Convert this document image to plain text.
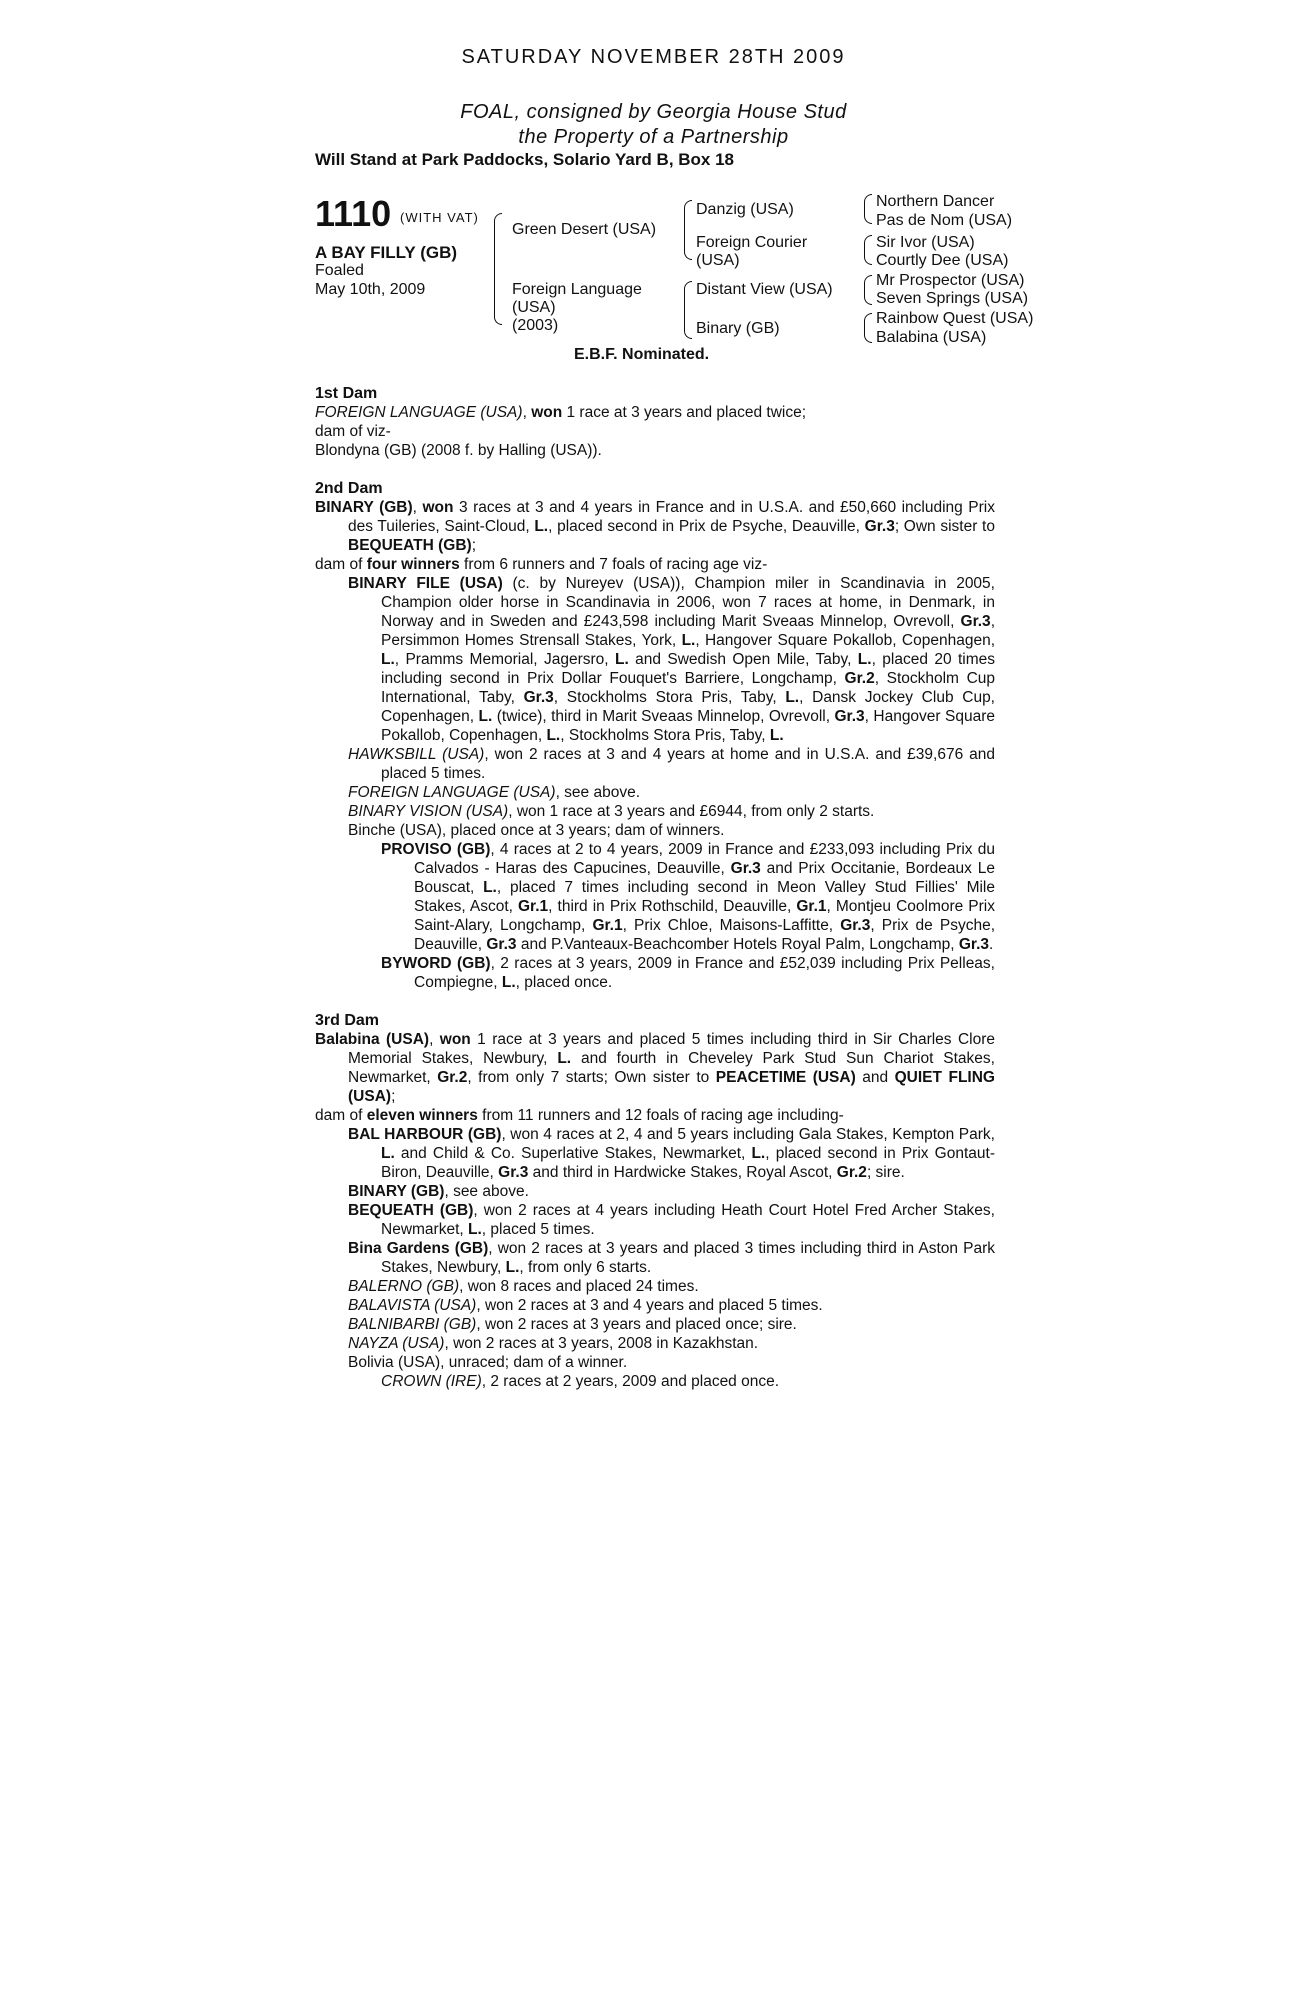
SATURDAY NOVEMBER 28TH 2009
FOAL, consigned by Georgia House Stud
the Property of a Partnership
Will Stand at Park Paddocks, Solario Yard B, Box 18
1110 (WITH VAT)
A BAY FILLY (GB)
Foaled
May 10th, 2009
Green Desert (USA)
Foreign Language
(USA)
(2003)
Danzig (USA)
Foreign Courier
(USA)
Distant View (USA)
Binary (GB)
Northern Dancer
Pas de Nom (USA)
Sir Ivor (USA)
Courtly Dee (USA)
Mr Prospector (USA)
Seven Springs (USA)
Rainbow Quest (USA)
Balabina (USA)
E.B.F. Nominated.
1st Dam

FOREIGN LANGUAGE (USA), won 1 race at 3 years and placed twice;

dam of viz-

Blondyna (GB) (2008 f. by Halling (USA)).

2nd Dam

BINARY (GB), won 3 races at 3 and 4 years in France and in U.S.A. and £50,660 including Prix des Tuileries, Saint-Cloud, L., placed second in Prix de Psyche, Deauville, Gr.3; Own sister to BEQUEATH (GB);

dam of four winners from 6 runners and 7 foals of racing age viz-

BINARY FILE (USA) (c. by Nureyev (USA)), Champion miler in Scandinavia in 2005, Champion older horse in Scandinavia in 2006, won 7 races at home, in Denmark, in Norway and in Sweden and £243,598 including Marit Sveaas Minnelop, Ovrevoll, Gr.3, Persimmon Homes Strensall Stakes, York, L., Hangover Square Pokallob, Copenhagen, L., Pramms Memorial, Jagersro, L. and Swedish Open Mile, Taby, L., placed 20 times including second in Prix Dollar Fouquet's Barriere, Longchamp, Gr.2, Stockholm Cup International, Taby, Gr.3, Stockholms Stora Pris, Taby, L., Dansk Jockey Club Cup, Copenhagen, L. (twice), third in Marit Sveaas Minnelop, Ovrevoll, Gr.3, Hangover Square Pokallob, Copenhagen, L., Stockholms Stora Pris, Taby, L.

HAWKSBILL (USA), won 2 races at 3 and 4 years at home and in U.S.A. and £39,676 and placed 5 times.

FOREIGN LANGUAGE (USA), see above.

BINARY VISION (USA), won 1 race at 3 years and £6944, from only 2 starts.

Binche (USA), placed once at 3 years; dam of winners.

PROVISO (GB), 4 races at 2 to 4 years, 2009 in France and £233,093 including Prix du Calvados - Haras des Capucines, Deauville, Gr.3 and Prix Occitanie, Bordeaux Le Bouscat, L., placed 7 times including second in Meon Valley Stud Fillies' Mile Stakes, Ascot, Gr.1, third in Prix Rothschild, Deauville, Gr.1, Montjeu Coolmore Prix Saint-Alary, Longchamp, Gr.1, Prix Chloe, Maisons-Laffitte, Gr.3, Prix de Psyche, Deauville, Gr.3 and P.Vanteaux-Beachcomber Hotels Royal Palm, Longchamp, Gr.3.

BYWORD (GB), 2 races at 3 years, 2009 in France and £52,039 including Prix Pelleas, Compiegne, L., placed once.

3rd Dam

Balabina (USA), won 1 race at 3 years and placed 5 times including third in Sir Charles Clore Memorial Stakes, Newbury, L. and fourth in Cheveley Park Stud Sun Chariot Stakes, Newmarket, Gr.2, from only 7 starts; Own sister to PEACETIME (USA) and QUIET FLING (USA);

dam of eleven winners from 11 runners and 12 foals of racing age including-

BAL HARBOUR (GB), won 4 races at 2, 4 and 5 years including Gala Stakes, Kempton Park, L. and Child & Co. Superlative Stakes, Newmarket, L., placed second in Prix Gontaut-Biron, Deauville, Gr.3 and third in Hardwicke Stakes, Royal Ascot, Gr.2; sire.

BINARY (GB), see above.

BEQUEATH (GB), won 2 races at 4 years including Heath Court Hotel Fred Archer Stakes, Newmarket, L., placed 5 times.

Bina Gardens (GB), won 2 races at 3 years and placed 3 times including third in Aston Park Stakes, Newbury, L., from only 6 starts.

BALERNO (GB), won 8 races and placed 24 times.

BALAVISTA (USA), won 2 races at 3 and 4 years and placed 5 times.

BALNIBARBI (GB), won 2 races at 3 years and placed once; sire.

NAYZA (USA), won 2 races at 3 years, 2008 in Kazakhstan.

Bolivia (USA), unraced; dam of a winner.

CROWN (IRE), 2 races at 2 years, 2009 and placed once.
